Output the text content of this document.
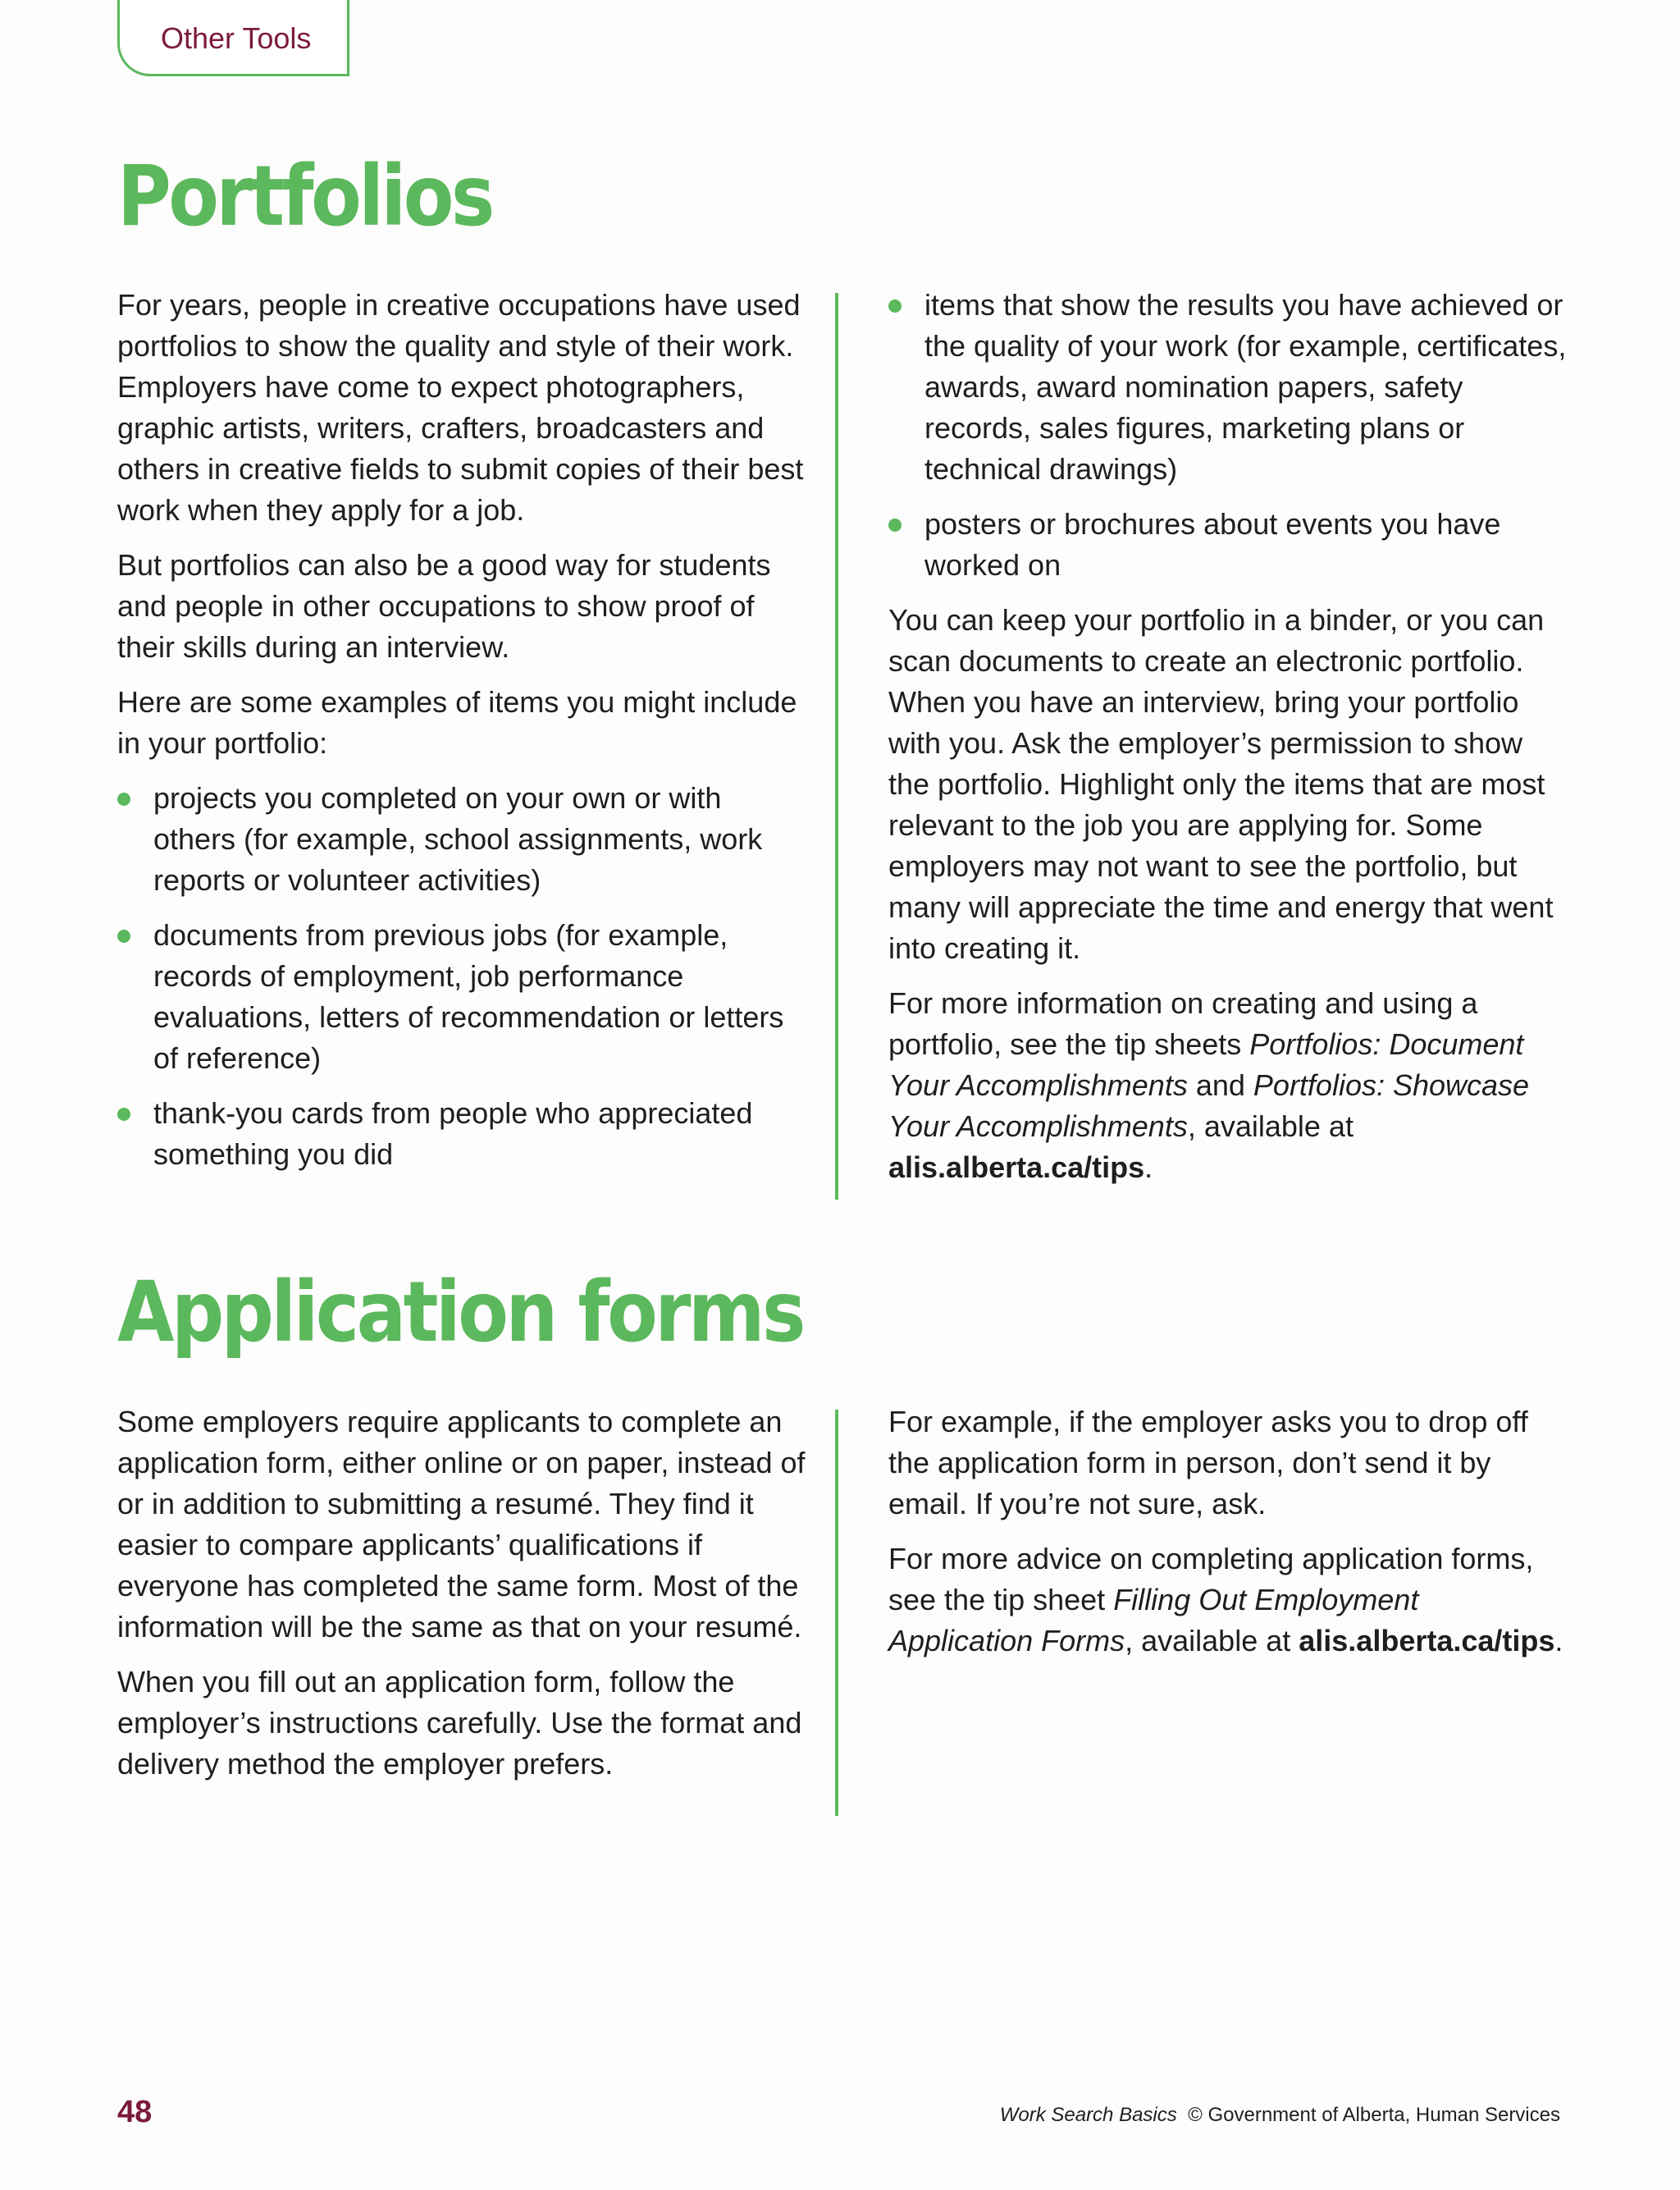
Other Tools
Portfolios

For years, people in creative occupations have used portfolios to show the quality and style of their work. Employers have come to expect photographers, graphic artists, writers, crafters, broadcasters and others in creative fields to submit copies of their best work when they apply for a job.

But portfolios can also be a good way for students and people in other occupations to show proof of their skills during an interview.

Here are some examples of items you might include in your portfolio:

projects you completed on your own or with others (for example, school assignments, work reports or volunteer activities)
documents from previous jobs (for example, records of employment, job performance evaluations, letters of recommendation or letters of reference)
thank-you cards from people who appreciated something you did
items that show the results you have achieved or the quality of your work (for example, certificates, awards, award nomination papers, safety records, sales figures, marketing plans or technical drawings)
posters or brochures about events you have worked on

You can keep your portfolio in a binder, or you can scan documents to create an electronic portfolio. When you have an interview, bring your portfolio with you. Ask the employer’s permission to show the portfolio. Highlight only the items that are most relevant to the job you are applying for. Some employers may not want to see the portfolio, but many will appreciate the time and energy that went into creating it.

For more information on creating and using a portfolio, see the tip sheets Portfolios: Document Your Accomplishments and Portfolios: Showcase Your Accomplishments, available at alis.alberta.ca/tips.

Application forms

Some employers require applicants to complete an application form, either online or on paper, instead of or in addition to submitting a resumé. They find it easier to compare applicants’ qualifications if everyone has completed the same form. Most of the information will be the same as that on your resumé.

When you fill out an application form, follow the employer’s instructions carefully. Use the format and delivery method the employer prefers.

For example, if the employer asks you to drop off the application form in person, don’t send it by email. If you’re not sure, ask.

For more advice on completing application forms, see the tip sheet Filling Out Employment Application Forms, available at alis.alberta.ca/tips.

48	Work Search Basics © Government of Alberta, Human Services
